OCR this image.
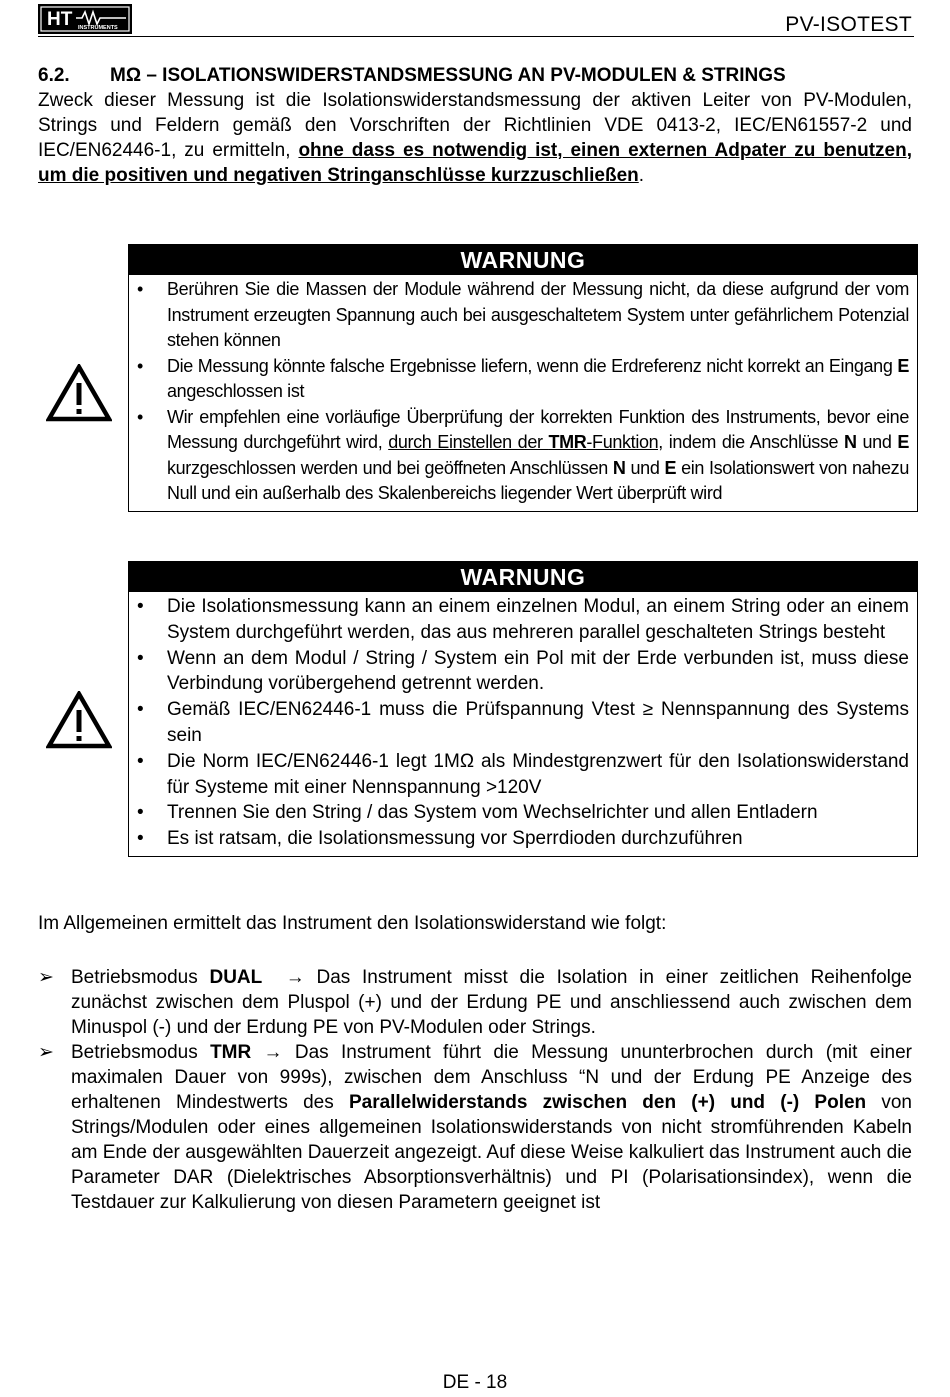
HT INSTRUMENTS	PV-ISOTEST
6.2.	MΩ – ISOLATIONSWIDERSTANDSMESSUNG AN PV-MODULEN & STRINGS

Zweck dieser Messung ist die Isolationswiderstandsmessung der aktiven Leiter von PV-Modulen, Strings und Feldern gemäß den Vorschriften der Richtlinien VDE 0413-2, IEC/EN61557-2 und IEC/EN62446-1, zu ermitteln, ohne dass es notwendig ist, einen externen Adpater zu benutzen, um die positiven und negativen Stringanschlüsse kurzzuschließen.

WARNUNG
• Berühren Sie die Massen der Module während der Messung nicht, da diese aufgrund der vom Instrument erzeugten Spannung auch bei ausgeschaltetem System unter gefährlichem Potenzial stehen können
• Die Messung könnte falsche Ergebnisse liefern, wenn die Erdreferenz nicht korrekt an Eingang E angeschlossen ist
• Wir empfehlen eine vorläufige Überprüfung der korrekten Funktion des Instruments, bevor eine Messung durchgeführt wird, durch Einstellen der TMR-Funktion, indem die Anschlüsse N und E kurzgeschlossen werden und bei geöffneten Anschlüssen N und E ein Isolationswert von nahezu Null und ein außerhalb des Skalenbereichs liegender Wert überprüft wird
WARNUNG
• Die Isolationsmessung kann an einem einzelnen Modul, an einem String oder an einem System durchgeführt werden, das aus mehreren parallel geschalteten Strings besteht
• Wenn an dem Modul / String / System ein Pol mit der Erde verbunden ist, muss diese Verbindung vorübergehend getrennt werden.
• Gemäß IEC/EN62446-1 muss die Prüfspannung Vtest ≥ Nennspannung des Systems sein
• Die Norm IEC/EN62446-1 legt 1MΩ als Mindestgrenzwert für den Isolationswiderstand für Systeme mit einer Nennspannung >120V
• Trennen Sie den String / das System vom Wechselrichter und allen Entladern
• Es ist ratsam, die Isolationsmessung vor Sperrdioden durchzuführen

Im Allgemeinen ermittelt das Instrument den Isolationswiderstand wie folgt:

➢ Betriebsmodus DUAL → Das Instrument misst die Isolation in einer zeitlichen Reihenfolge zunächst zwischen dem Pluspol (+) und der Erdung PE und anschliessend auch zwischen dem Minuspol (-) und der Erdung PE von PV-Modulen oder Strings.
➢ Betriebsmodus TMR → Das Instrument führt die Messung ununterbrochen durch (mit einer maximalen Dauer von 999s), zwischen dem Anschluss “N und der Erdung PE Anzeige des erhaltenen Mindestwerts des Parallelwiderstands zwischen den (+) und (-) Polen von Strings/Modulen oder eines allgemeinen Isolationswiderstands von nicht stromführenden Kabeln am Ende der ausgewählten Dauerzeit angezeigt. Auf diese Weise kalkuliert das Instrument auch die Parameter DAR (Dielektrisches Absorptionsverhältnis) und PI (Polarisationsindex), wenn die Testdauer zur Kalkulierung von diesen Parametern geeignet ist
DE - 18
